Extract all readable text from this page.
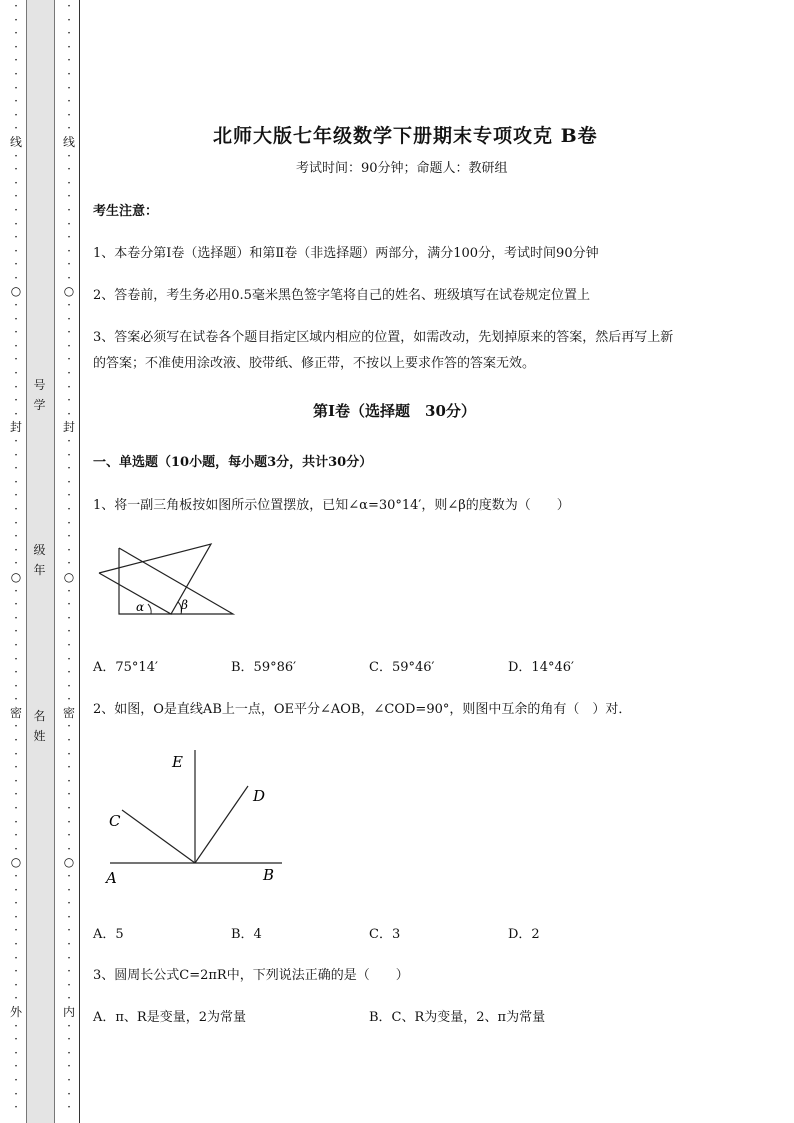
·
·
·
·
·
·
·
·
·
·
线
·
·
·
·
·
·
·
·
·
·
○
·
·
·
·
·
·
·
·
·
封
·
·
·
·
·
·
·
·
·
·
○
·
·
·
·
·
·
·
·
·
密
·
·
·
·
·
·
·
·
·
·
○
·
·
·
·
·
·
·
·
·
·
外
·
·
·
·
·
·
·
·
·
·
·
·
·
·
·
·
·
线
·
·
·
·
·
·
·
·
·
·
○
·
·
·
·
·
·
·
·
·
封
·
·
·
·
·
·
·
·
·
·
○
·
·
·
·
·
·
·
·
·
密
·
·
·
·
·
·
·
·
·
·
○
·
·
·
·
·
·
·
·
·
·
内
·
·
·
·
·
·
·
号
学
级
年
名
姓
北师大版七年级数学下册期末专项攻克 B卷
考试时间：90分钟；命题人：教研组
考生注意：
1、本卷分第I卷（选择题）和第Ⅱ卷（非选择题）两部分，满分100分，考试时间90分钟
2、答卷前，考生务必用0.5毫米黑色签字笔将自己的姓名、班级填写在试卷规定位置上
3、答案必须写在试卷各个题目指定区域内相应的位置，如需改动，先划掉原来的答案，然后再写上新
的答案；不准使用涂改液、胶带纸、修正带，不按以上要求作答的答案无效。
第I卷（选择题　30分）
一、单选题（10小题，每小题3分，共计30分）
1、将一副三角板按如图所示位置摆放，已知∠α=30°14′，则∠β的度数为（　　）
α	β
A．75°14′	B．59°86′	C．59°46′	D．14°46′
2、如图，O是直线AB上一点，OE平分∠AOB，∠COD=90°，则图中互余的角有（　）对．
E
D
C
A	B
A．5	B．4	C．3	D．2
3、圆周长公式C=2πR中，下列说法正确的是（　　）
A．π、R是变量，2为常量	B．C、R为变量，2、π为常量
